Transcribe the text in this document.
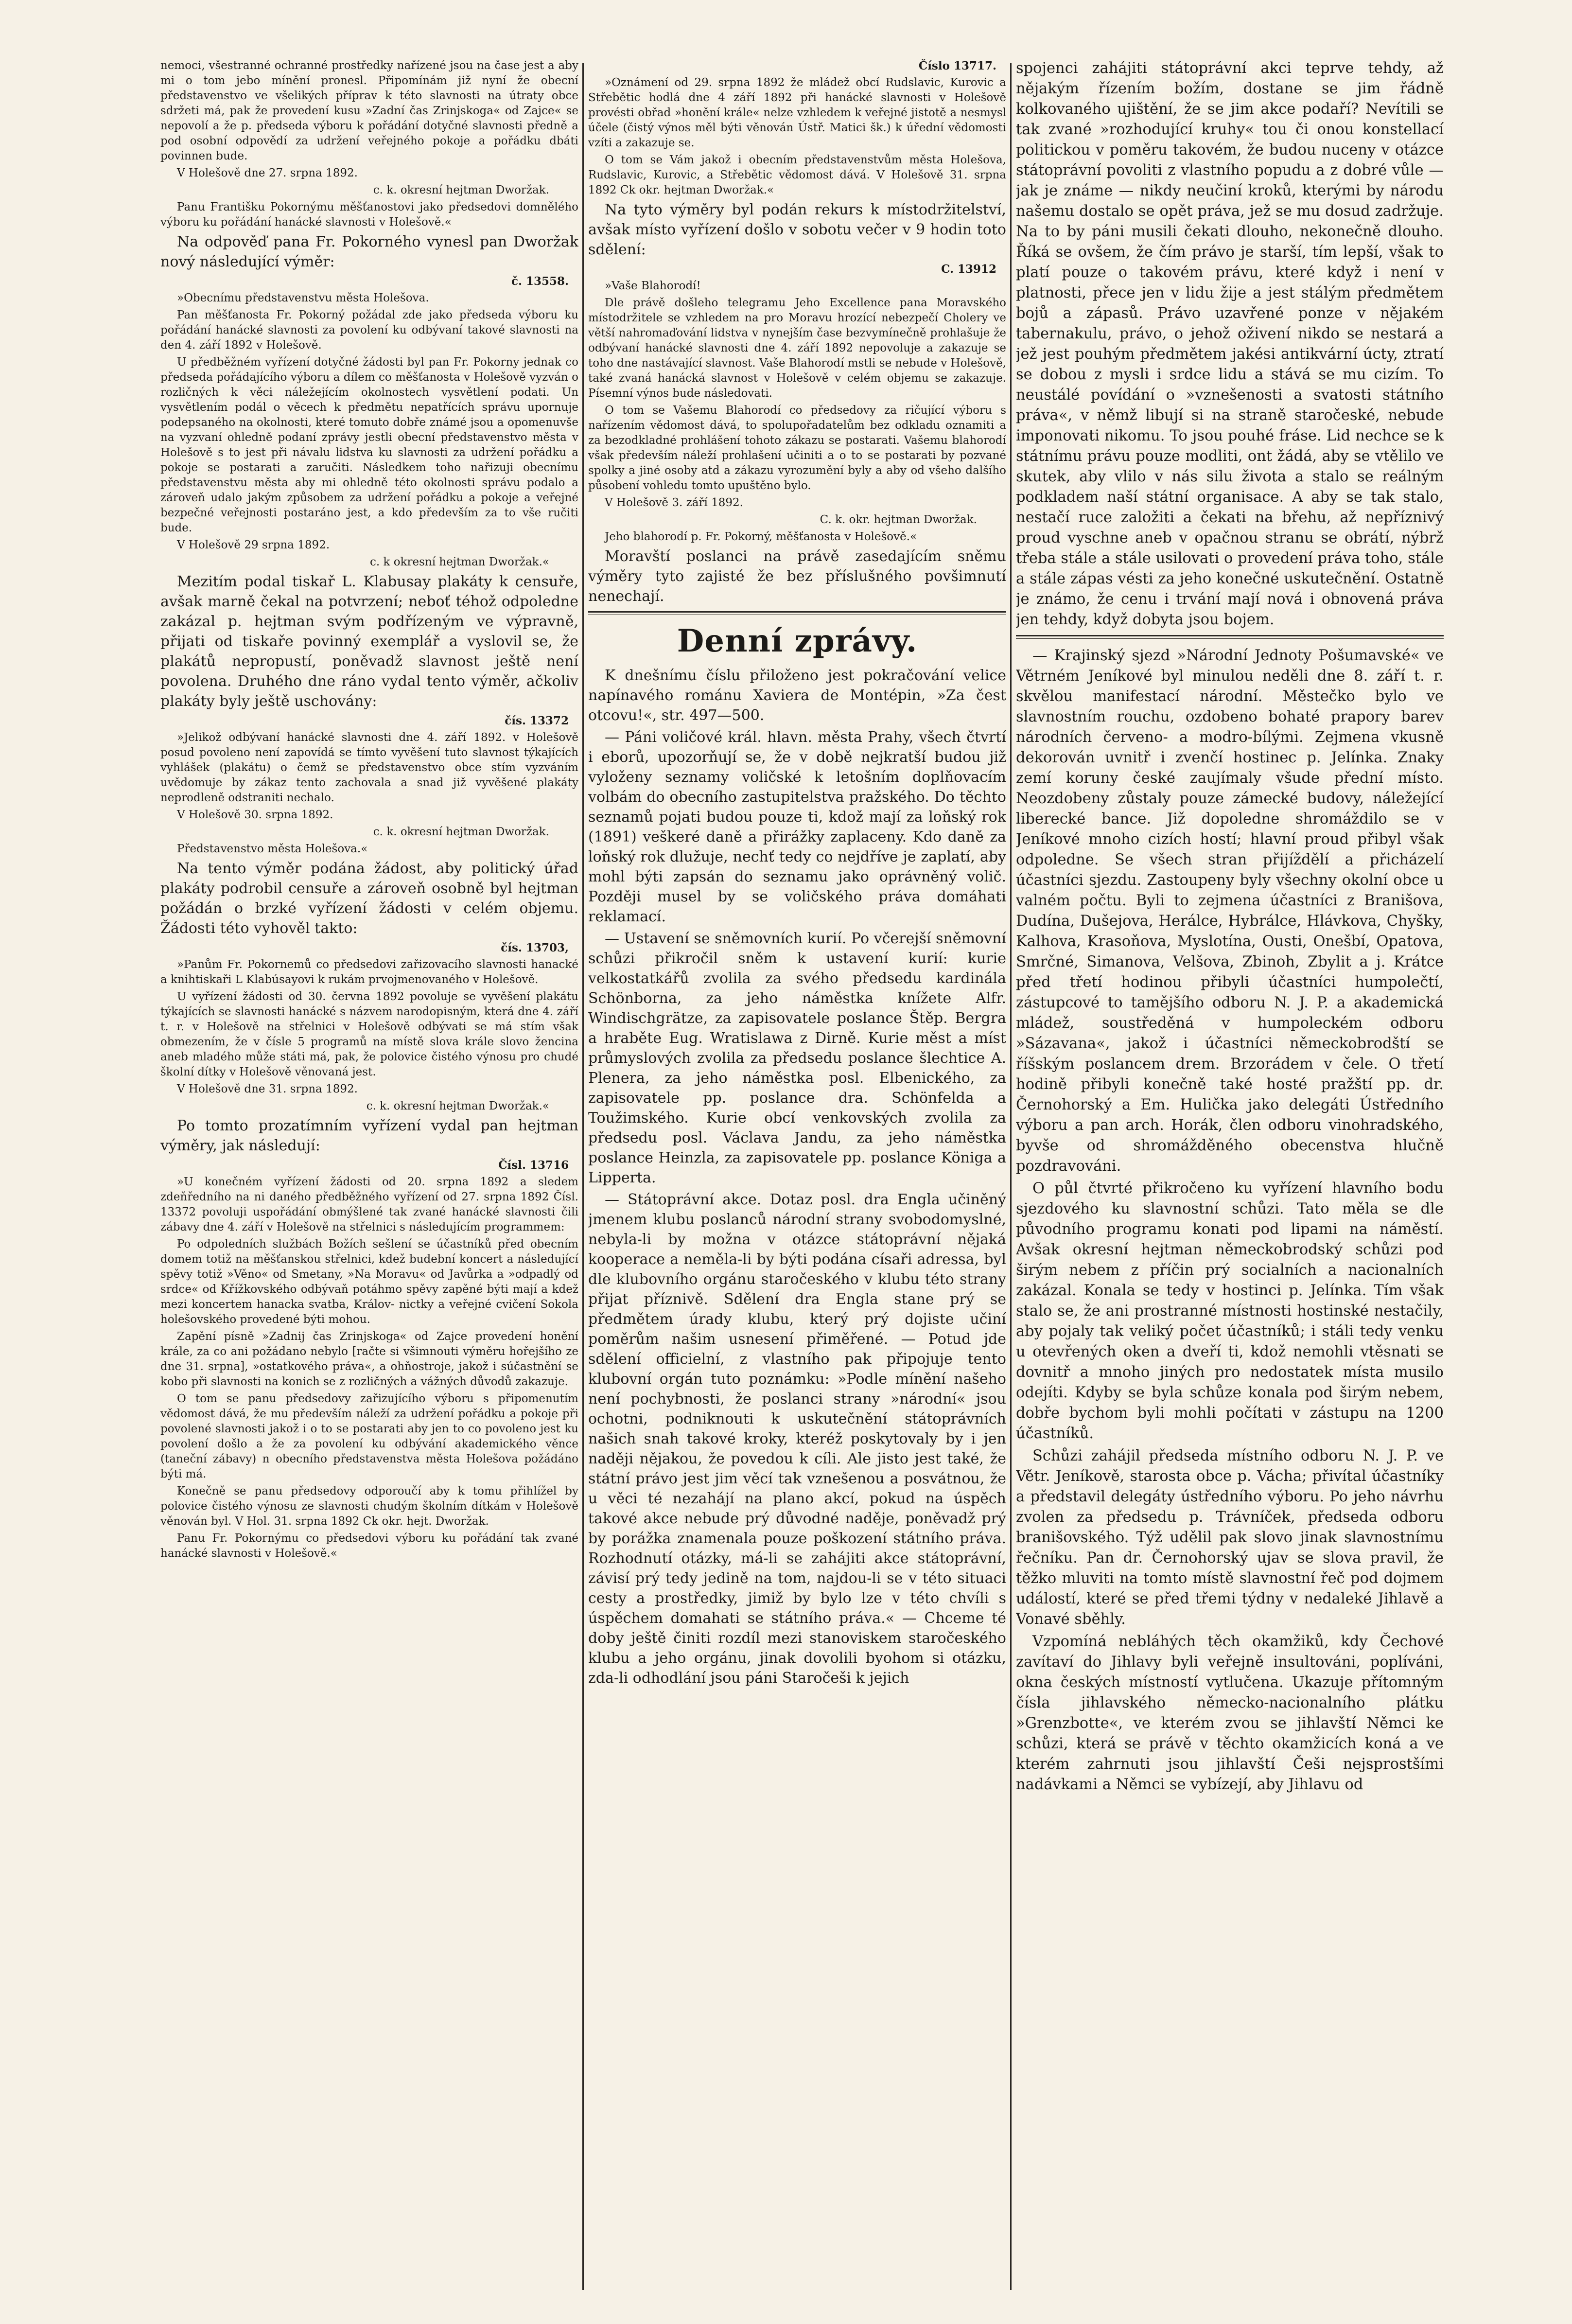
nemoci, všestranné ochranné prostředky nařízené jsou na čase jest a aby mi o tom jebo mínění pronesl. Připomínám již nyní že obecní představenstvo ve všelikých příprav k této slavnosti na útraty obce sdržeti má, pak že provedení kusu »Zadní čas Zrinjskoga« od Zajce« se nepovolí a že p. předseda výboru k pořádání dotyčné slavnosti předně a pod osobní odpovědí za udržení veřejného pokoje a pořádku dbáti povinnen bude.

V Holešově dne 27. srpna 1892.

c. k. okresní hejtman Dworžak.

Panu Františku Pokornýmu měšťanostovi jako předsedovi domnělého výboru ku pořádání hanácké slavnosti v Holešově.«

Na odpověď pana Fr. Pokorného vynesl pan Dworžak nový následující výměr:

č. 13558.

»Obecnímu představenstvu města Holešova.

Pan měšťanosta Fr. Pokorný požádal zde jako předseda výboru ku pořádání hanácké slavnosti za povolení ku odbývaní takové slavnosti na den 4. září 1892 v Holešově.

U předběžném vyřízení dotyčné žádosti byl pan Fr. Pokorny jednak co předseda pořádajícího výboru a dílem co měšťanosta v Holešově vyzván o rozličných k věci náležejícím okolnostech vysvětlení podati. Un vysvětlením podál o věcech k předmětu nepatřících správu upornuje podepsaného na okolnosti, které tomuto dobře známé jsou a opomenuvše na vyzvaní ohledně podaní zprávy jestli obecní představenstvo města v Holešově s to jest při návalu lidstva ku slavnosti za udržení pořádku a pokoje se postarati a zaručiti. Následkem toho nařizuji obecnímu představenstvu města aby mi ohledně této okolnosti správu podalo a zároveň udalo jakým způsobem za udržení pořádku a pokoje a veřejné bezpečné veřejnosti postaráno jest, a kdo především za to vše ručiti bude.

V Holešově 29 srpna 1892.

c. k okresní hejtman Dworžak.«

Mezitím podal tiskař L. Klabusay plakáty k censuře, avšak marně čekal na potvrzení; neboť téhož odpoledne zakázal p. hejtman svým podřízeným ve výpravně, přijati od tiskaře povinný exemplář a vyslovil se, že plakátů nepropustí, poněvadž slavnost ještě není povolena. Druhého dne ráno vydal tento výměr, ačkoliv plakáty byly ještě uschovány:

čís. 13372

»Jelikož odbývaní hanácké slavnosti dne 4. září 1892. v Holešově posud povoleno není zapovídá se tímto vyvěšení tuto slavnost týkajících vyhlášek (plakátu) o čemž se představenstvo obce stím vyzváním uvědomuje by zákaz tento zachovala a snad již vyvěšené plakáty neprodleně odstraniti nechalo.

V Holešově 30. srpna 1892.

c. k. okresní hejtman Dworžak.

Představenstvo města Holešova.«

Na tento výměr podána žádost, aby politický úřad plakáty podrobil censuře a zároveň osobně byl hejtman požádán o brzké vyřízení žádosti v celém objemu. Žádosti této vyhověl takto:

čís. 13703,

»Panům Fr. Pokornemů co předsedovi zařizovacího slavnosti hanacké a knihtiskaři L Klabúsayovi k rukám prvojmenovaného v Holešově.

U vyřízení žádosti od 30. června 1892 povoluje se vyvěšení plakátu týkajících se slavnosti hanácké s názvem narodopisným, která dne 4. září t. r. v Holešově na střelnici v Holešově odbývati se má stím však obmezením, že v čísle 5 programů na místě slova krále slovo žencina aneb mladého může státi má, pak, že polovice čistého výnosu pro chudé školní dítky v Holešově věnovaná jest.

V Holešově dne 31. srpna 1892.

c. k. okresní hejtman Dworžak.«

Po tomto prozatímním vyřízení vydal pan hejtman výměry, jak následují:

Čísl. 13716

»U konečném vyřízení žádosti od 20. srpna 1892 a sledem zdeňředního na ni daného předběžného vyřízení od 27. srpna 1892 Čísl. 13372 povoluji uspořádání obmýšlené tak zvané hanácké slavnosti čili zábavy dne 4. září v Holešově na střelnici s následujícím programmem:

Po odpoledních službách Božích sešlení se účastníků před obecním domem totiž na měšťanskou střelnici, kdež budební koncert a následující spěvy totiž »Věno« od Smetany, »Na Moravu« od Javůrka a »odpadlý od srdce« od Křížkovského odbývaň potáhmo spěvy zapěné býti mají a kdež mezi koncertem hanacka svatba, Králov- nictky a veřejné cvičení Sokola holešovského provedené býti mohou.

Zapění písně »Zadnij čas Zrinjskoga« od Zajce provedení honění krále, za co ani požádano nebylo [račte si všimnouti výměru hořejšího ze dne 31. srpna], »ostatkového práva«, a ohňostroje, jakož i súčastnění se kobo při slavnosti na konich se z rozličných a vážných důvodů zakazuje.

O tom se panu předsedovy zařizujícího výboru s připomenutím vědomost dává, že mu především náleží za udržení pořádku a pokoje při povolené slavnosti jakož i o to se postarati aby jen to co povoleno jest ku povolení došlo a že za povolení ku odbývání akademického věnce (taneční zábavy) n obecního představenstva města Holešova požádáno býti má.

Konečně se panu předsedovy odporoučí aby k tomu přihlížel by polovice čistého výnosu ze slavnosti chudým školním dítkám v Holešově věnován byl. V Hol. 31. srpna 1892 Ck okr. hejt. Dworžak.

Panu Fr. Pokornýmu co předsedovi výboru ku pořádání tak zvané hanácké slavnosti v Holešově.«

Číslo 13717.

»Oznámení od 29. srpna 1892 že mládež obcí Rudslavic, Kurovic a Střebětic hodlá dne 4 září 1892 při hanácké slavnosti v Holešově provésti obřad »honění krále« nelze vzhledem k veřejné jistotě a nesmysl účele (čistý výnos měl býti věnován Ústř. Matici šk.) k úřední vědomosti vzíti a zakazuje se.

O tom se Vám jakož i obecním představenstvům města Holešova, Rudslavic, Kurovic, a Střebětic vědomost dává. V Holešově 31. srpna 1892 Ck okr. hejtman Dworžak.«

Na tyto výměry byl podán rekurs k místodržitelství, avšak místo vyřízení došlo v sobotu večer v 9 hodin toto sdělení:

C. 13912

»Vaše Blahorodí!

Dle právě došleho telegramu Jeho Excellence pana Moravského místodržitele se vzhledem na pro Moravu hrozící nebezpečí Cholery ve větší nahromaďování lidstva v nynejším čase bezvymínečně prohlašuje že odbývaní hanácké slavnosti dne 4. září 1892 nepovoluje a zakazuje se toho dne nastávající slavnost. Vaše Blahorodí mstli se nebude v Holešově, také zvaná hanácká slavnost v Holešově v celém objemu se zakazuje. Písemní výnos bude následovati.

O tom se Vašemu Blahorodí co předsedovy za ričující výboru s nařízením vědomost dává, to spolupořadatelům bez odkladu oznamiti a za bezodkladné prohlášení tohoto zákazu se postarati. Vašemu blahorodí však především náleží prohlašení učiniti a o to se postarati by pozvané spolky a jiné osoby atd a zákazu vyrozumění byly a aby od všeho dalšího působení vohledu tomto upuštěno bylo.

V Holešově 3. září 1892.

C. k. okr. hejtman Dworžak.

Jeho blahorodí p. Fr. Pokorný, měšťanosta v Holešově.«

Moravští poslanci na právě zasedajícím sněmu výměry tyto zajisté že bez příslušného povšimnutí nenechají.

Denní zprávy.

K dnešnímu číslu přiloženo jest pokračování velice napínavého románu Xaviera de Montépin, »Za čest otcovu!«, str. 497—500.

— Páni voličové král. hlavn. města Prahy, všech čtvrtí i eborů, upozorňují se, že v době nejkratší budou již vyloženy seznamy voličské k letošním doplňovacím volbám do obecního zastupitelstva pražského. Do těchto seznamů pojati budou pouze ti, kdož mají za loňský rok (1891) veškeré daně a přirážky zaplaceny. Kdo daně za loňský rok dlužuje, nechť tedy co nejdříve je zaplatí, aby mohl býti zapsán do seznamu jako oprávněný volič. Později musel by se voličského práva domáhati reklamací.

— Ustavení se sněmovních kurií. Po včerejší sněmovní schůzi přikročil sněm k ustavení kurií: kurie velkostatkářů zvolila za svého předsedu kardinála Schönborna, za jeho náměstka knížete Alfr. Windischgrätze, za zapisovatele poslance Štěp. Bergra a hraběte Eug. Wratislawa z Dirně. Kurie měst a míst průmyslových zvolila za předsedu poslance šlechtice A. Plenera, za jeho náměstka posl. Elbenického, za zapisovatele pp. poslance dra. Schönfelda a Toužimského. Kurie obcí venkovských zvolila za předsedu posl. Václava Jandu, za jeho náměstka poslance Heinzla, za zapisovatele pp. poslance Königa a Lipperta.

— Státoprávní akce. Dotaz posl. dra Engla učiněný jmenem klubu poslanců národní strany svobodomyslné, nebyla-li by možna v otázce státoprávní nějaká kooperace a neměla-li by býti podána císaři adressa, byl dle klubovního orgánu staročeského v klubu této strany přijat příznivě. Sdělení dra Engla stane prý se předmětem úrady klubu, který prý dojiste učiní poměrům našim usnesení přiměřené. — Potud jde sdělení officielní, z vlastního pak připojuje tento klubovní orgán tuto poznámku: »Podle mínění našeho není pochybnosti, že poslanci strany »národní« jsou ochotni, podniknouti k uskutečnění státoprávních našich snah takové kroky, kteréž poskytovaly by i jen naději nějakou, že povedou k cíli. Ale jisto jest také, že státní právo jest jim věcí tak vznešenou a posvátnou, že u věci té nezahájí na plano akcí, pokud na úspěch takové akce nebude prý důvodné naděje, poněvadž prý by porážka znamenala pouze poškození státního práva. Rozhodnutí otázky, má-li se zahájiti akce státoprávní, závisí prý tedy jedině na tom, najdou-li se v této situaci cesty a prostředky, jimiž by bylo lze v této chvíli s úspěchem domahati se státního práva.« — Chceme té doby ještě činiti rozdíl mezi stanoviskem staročeského klubu a jeho orgánu, jinak dovolili byohom si otázku, zda-li odhodlání jsou páni Staročeši k jejich

spojenci zahájiti státoprávní akci teprve tehdy, až nějakým řízením božím, dostane se jim řádně kolkovaného ujištění, že se jim akce podaří? Nevítili se tak zvané »rozhodující kruhy« tou či onou konstellací politickou v poměru takovém, že budou nuceny v otázce státoprávní povoliti z vlastního popudu a z dobré vůle — jak je známe — nikdy neučiní kroků, kterými by národu našemu dostalo se opět práva, jež se mu dosud zadržuje. Na to by páni musili čekati dlouho, nekonečně dlouho. Říká se ovšem, že čím právo je starší, tím lepší, však to platí pouze o takovém právu, které když i není v platnosti, přece jen v lidu žije a jest stálým předmětem bojů a zápasů. Právo uzavřené ponze v nějakém tabernakulu, právo, o jehož oživení nikdo se nestará a jež jest pouhým předmětem jakési antikvární úcty, ztratí se dobou z mysli i srdce lidu a stává se mu cizím. To neustálé povídání o »vznešenosti a svatosti státního práva«, v němž libují si na straně staročeské, nebude imponovati nikomu. To jsou pouhé fráse. Lid nechce se k státnímu právu pouze modliti, ont žádá, aby se vtělilo ve skutek, aby vlilo v nás silu života a stalo se reálným podkladem naší státní organisace. A aby se tak stalo, nestačí ruce založiti a čekati na břehu, až nepříznivý proud vyschne aneb v opačnou stranu se obrátí, nýbrž třeba stále a stále usilovati o provedení práva toho, stále a stále zápas vésti za jeho konečné uskutečnění. Ostatně je známo, že cenu i trvání mají nová i obnovená práva jen tehdy, když dobyta jsou bojem.

— Krajinský sjezd »Národní Jednoty Pošumavské« ve Větrném Jeníkové byl minulou neděli dne 8. září t. r. skvělou manifestací národní. Městečko bylo ve slavnostním rouchu, ozdobeno bohaté prapory barev národních červeno- a modro-bílými. Zejmena vkusně dekorován uvnitř i zvenčí hostinec p. Jelínka. Znaky zemí koruny české zaujímaly všude přední místo. Neozdobeny zůstaly pouze zámecké budovy, náležející liberecké bance. Již dopoledne shromáždilo se v Jeníkové mnoho cizích hostí; hlavní proud přibyl však odpoledne. Se všech stran přijíždělí a přicházelí účastníci sjezdu. Zastoupeny byly všechny okolní obce u valném počtu. Byli to zejmena účastníci z Branišova, Dudína, Dušejova, Herálce, Hybrálce, Hlávkova, Chyšky, Kalhova, Krasoňova, Myslotína, Ousti, Onešbí, Opatova, Smrčné, Simanova, Velšova, Zbinoh, Zbylit a j. Krátce před třetí hodinou přibyli účastníci humpolečtí, zástupcové to tamějšího odboru N. J. P. a akademická mládež, soustředěná v humpoleckém odboru »Sázavana«, jakož i účastníci německobrodští se říšským poslancem drem. Brzorádem v čele. O třetí hodině přibyli konečně také hosté pražští pp. dr. Černohorský a Em. Hulička jako delegáti Ústředního výboru a pan arch. Horák, člen odboru vinohradského, byvše od shromážděného obecenstva hlučně pozdravováni.

O půl čtvrté přikročeno ku vyřízení hlavního bodu sjezdového ku slavnostní schůzi. Tato měla se dle původního programu konati pod lipami na náměstí. Avšak okresní hejtman německobrodský schůzi pod širým nebem z příčin prý socialních a nacionalních zakázal. Konala se tedy v hostinci p. Jelínka. Tím však stalo se, že ani prostranné místnosti hostinské nestačily, aby pojaly tak veliký počet účastníků; i stáli tedy venku u otevřených oken a dveří ti, kdož nemohli vtěsnati se dovnitř a mnoho jiných pro nedostatek místa musilo odejíti. Kdyby se byla schůze konala pod širým nebem, dobře bychom byli mohli počítati v zástupu na 1200 účastníků.

Schůzi zahájil předseda místního odboru N. J. P. ve Větr. Jeníkově, starosta obce p. Vácha; přivítal účastníky a představil delegáty ústředního výboru. Po jeho návrhu zvolen za předsedu p. Trávníček, předseda odboru branišovského. Týž udělil pak slovo jinak slavnostnímu řečníku. Pan dr. Černohorský ujav se slova pravil, že těžko mluviti na tomto místě slavnostní řeč pod dojmem událostí, které se před třemi týdny v nedaleké Jihlavě a Vonavé sběhly.

Vzpomíná nebláhých těch okamžiků, kdy Čechové zavítaví do Jihlavy byli veřejně insultováni, poplíváni, okna českých místností vytlučena. Ukazuje přítomným čísla jihlavského německo-nacionalního plátku »Grenzbotte«, ve kterém zvou se jihlavští Němci ke schůzi, která se právě v těchto okamžicích koná a ve kterém zahrnuti jsou jihlavští Češi nejsprostšími nadávkami a Němci se vybízejí, aby Jihlavu od
